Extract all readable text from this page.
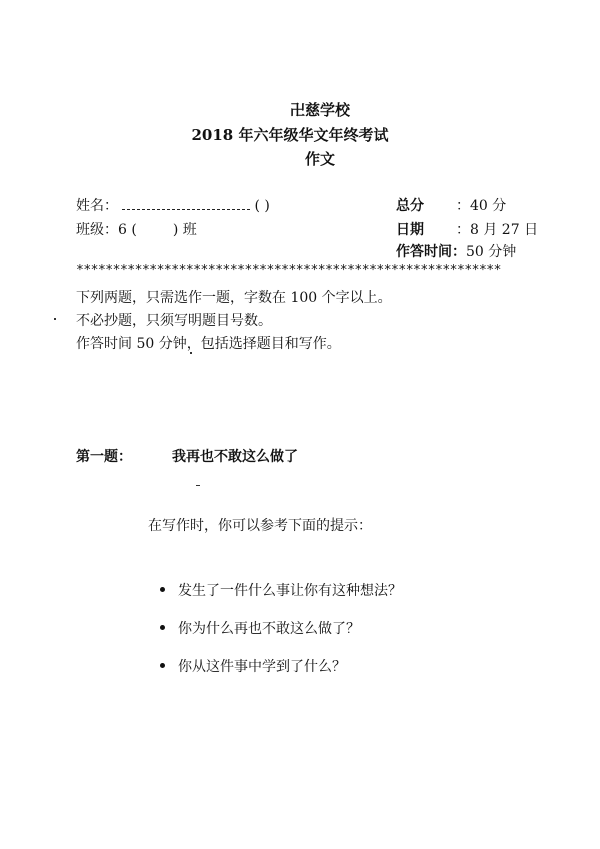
卍慈学校
2018 年六年级华文年终考试
作文
姓名：	( )
班级：6 (	) 班
总分 ：40 分
日期 ：8 月 27 日
作答时间：50 分钟
**********************************************************
下列两题，只需选作一题，字数在 100 个字以上。
不必抄题，只须写明题目号数。
作答时间 50 分钟，包括选择题目和写作。
第一题：	我再也不敢这么做了
在写作时，你可以参考下面的提示：
发生了一件什么事让你有这种想法？
你为什么再也不敢这么做了？
你从这件事中学到了什么？
